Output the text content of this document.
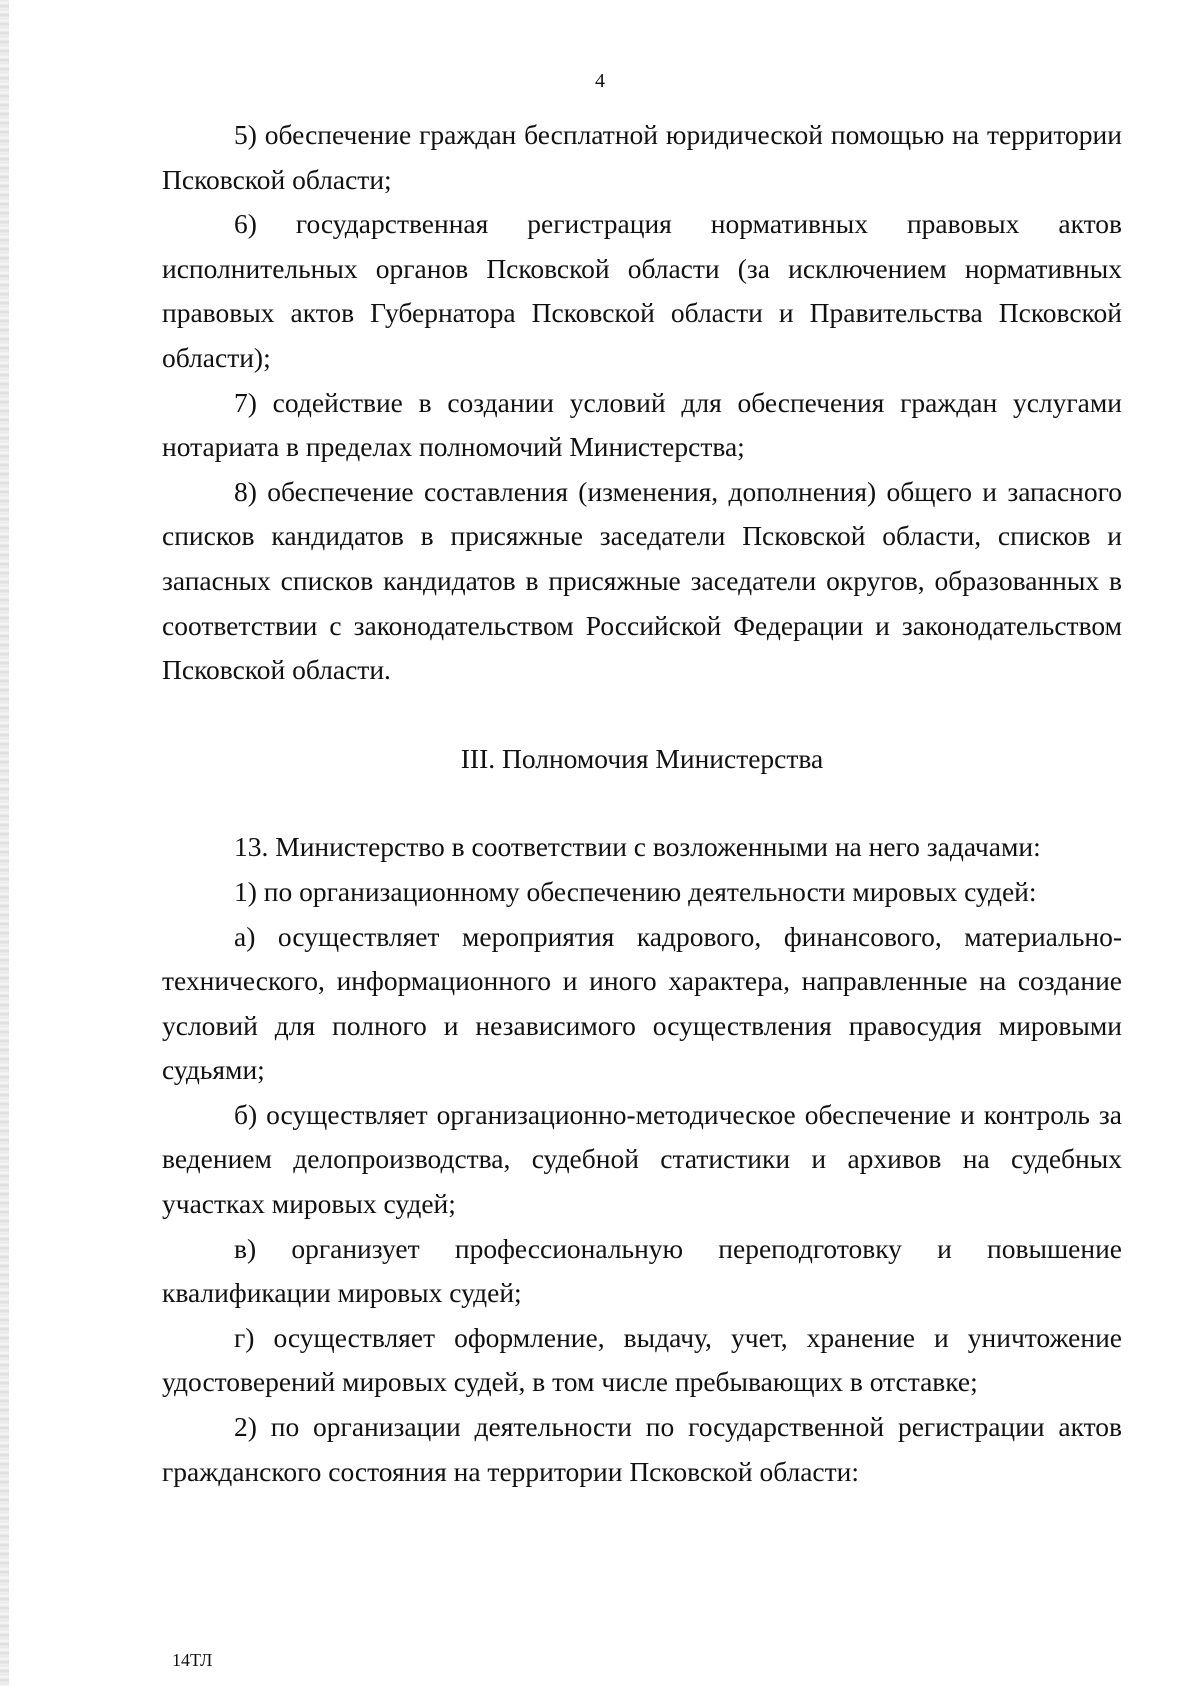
4

5) обеспечение граждан бесплатной юридической помощью на территории Псковской области;

6) государственная регистрация нормативных правовых актов исполнительных органов Псковской области (за исключением нормативных правовых актов Губернатора Псковской области и Правительства Псковской области);

7) содействие в создании условий для обеспечения граждан услугами нотариата в пределах полномочий Министерства;

8) обеспечение составления (изменения, дополнения) общего и запасного списков кандидатов в присяжные заседатели Псковской области, списков и запасных списков кандидатов в присяжные заседатели округов, образованных в соответствии с законодательством Российской Федерации и законодательством Псковской области.

III. Полномочия Министерства

13. Министерство в соответствии с возложенными на него задачами:

1) по организационному обеспечению деятельности мировых судей:

а) осуществляет мероприятия кадрового, финансового, материально-технического, информационного и иного характера, направленные на создание условий для полного и независимого осуществления правосудия мировыми судьями;

б) осуществляет организационно-методическое обеспечение и контроль за ведением делопроизводства, судебной статистики и архивов на судебных участках мировых судей;

в) организует профессиональную переподготовку и повышение квалификации мировых судей;

г) осуществляет оформление, выдачу, учет, хранение и уничтожение удостоверений мировых судей, в том числе пребывающих в отставке;

2) по организации деятельности по государственной регистрации актов гражданского состояния на территории Псковской области:

14ТЛ
